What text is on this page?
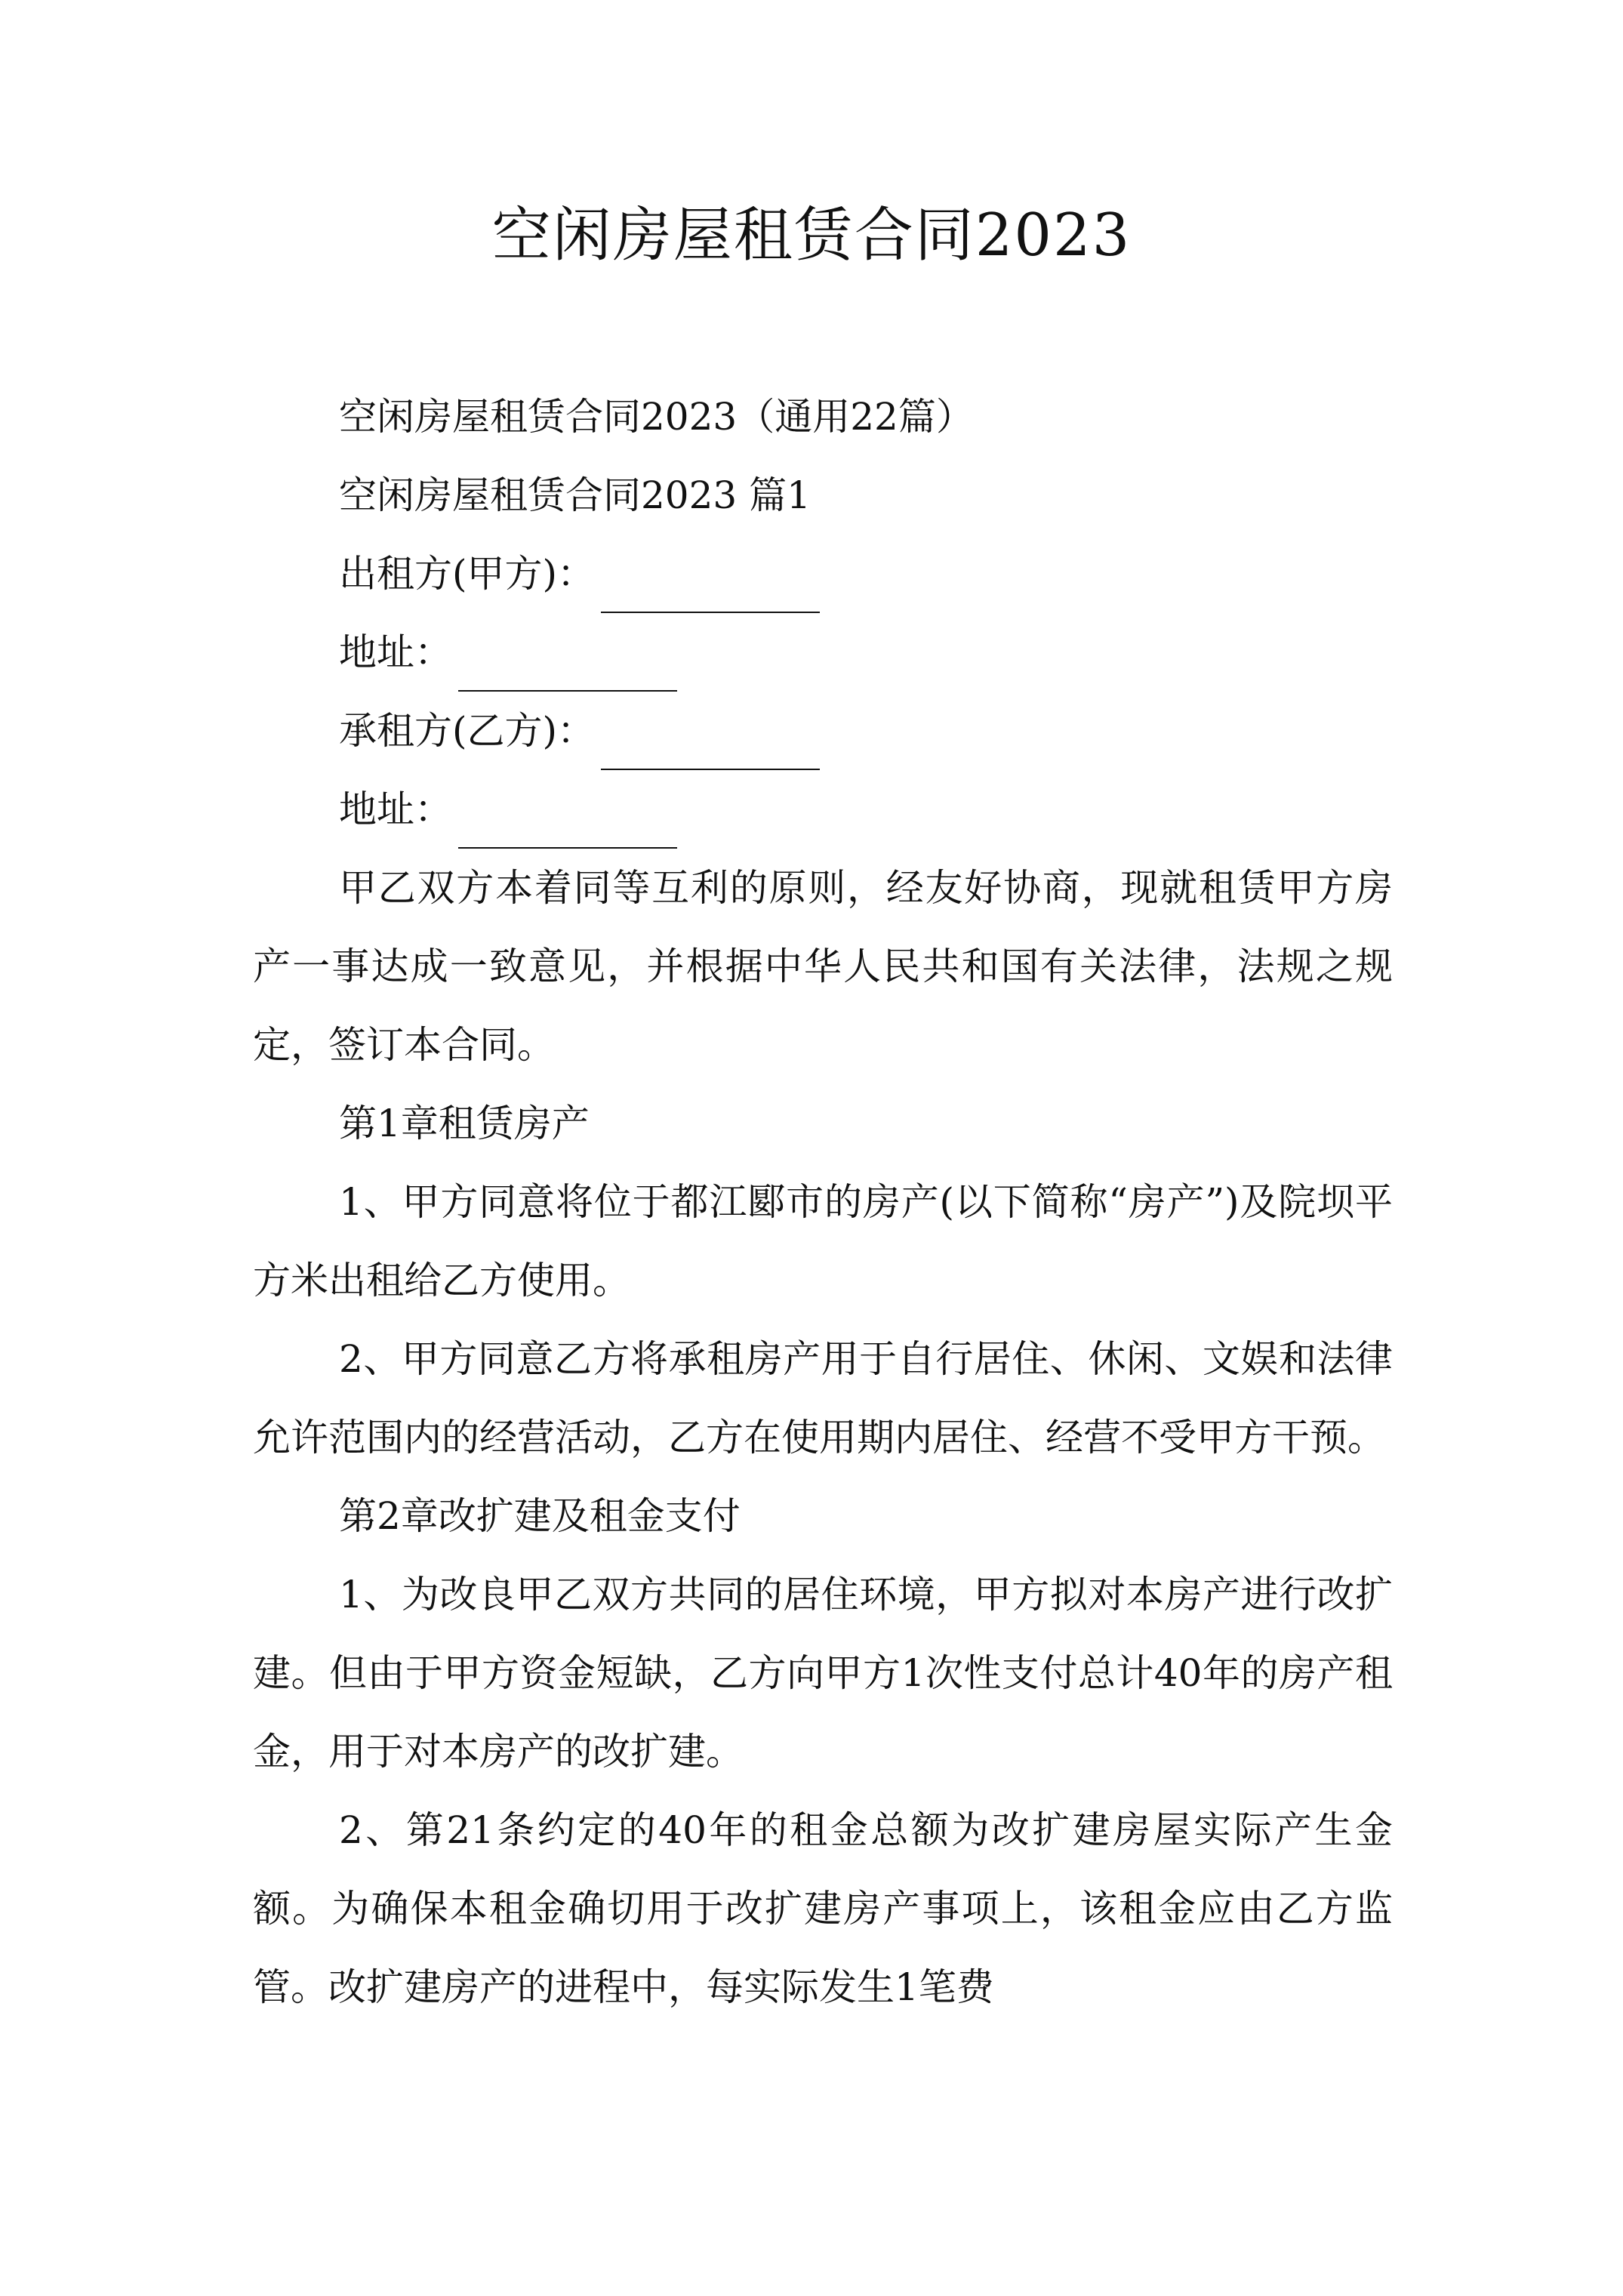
空闲房屋租赁合同2023
空闲房屋租赁合同2023（通用22篇）
空闲房屋租赁合同2023 篇1
出租方(甲方)：
地址：
承租方(乙方)：
地址：

甲乙双方本着同等互利的原则，经友好协商，现就租赁甲方房产一事达成一致意见，并根据中华人民共和国有关法律，法规之规定，签订本合同。

第1章租赁房产

1、甲方同意将位于都江郾市的房产(以下简称“房产”)及院坝平方米出租给乙方使用。

2、甲方同意乙方将承租房产用于自行居住、休闲、文娱和法律允许范围内的经营活动，乙方在使用期内居住、经营不受甲方干预。

第2章改扩建及租金支付

1、为改良甲乙双方共同的居住环境，甲方拟对本房产进行改扩建。但由于甲方资金短缺，乙方向甲方1次性支付总计40年的房产租金，用于对本房产的改扩建。

2、第21条约定的40年的租金总额为改扩建房屋实际产生金额。为确保本租金确切用于改扩建房产事项上，该租金应由乙方监管。改扩建房产的进程中，每实际发生1笔费
